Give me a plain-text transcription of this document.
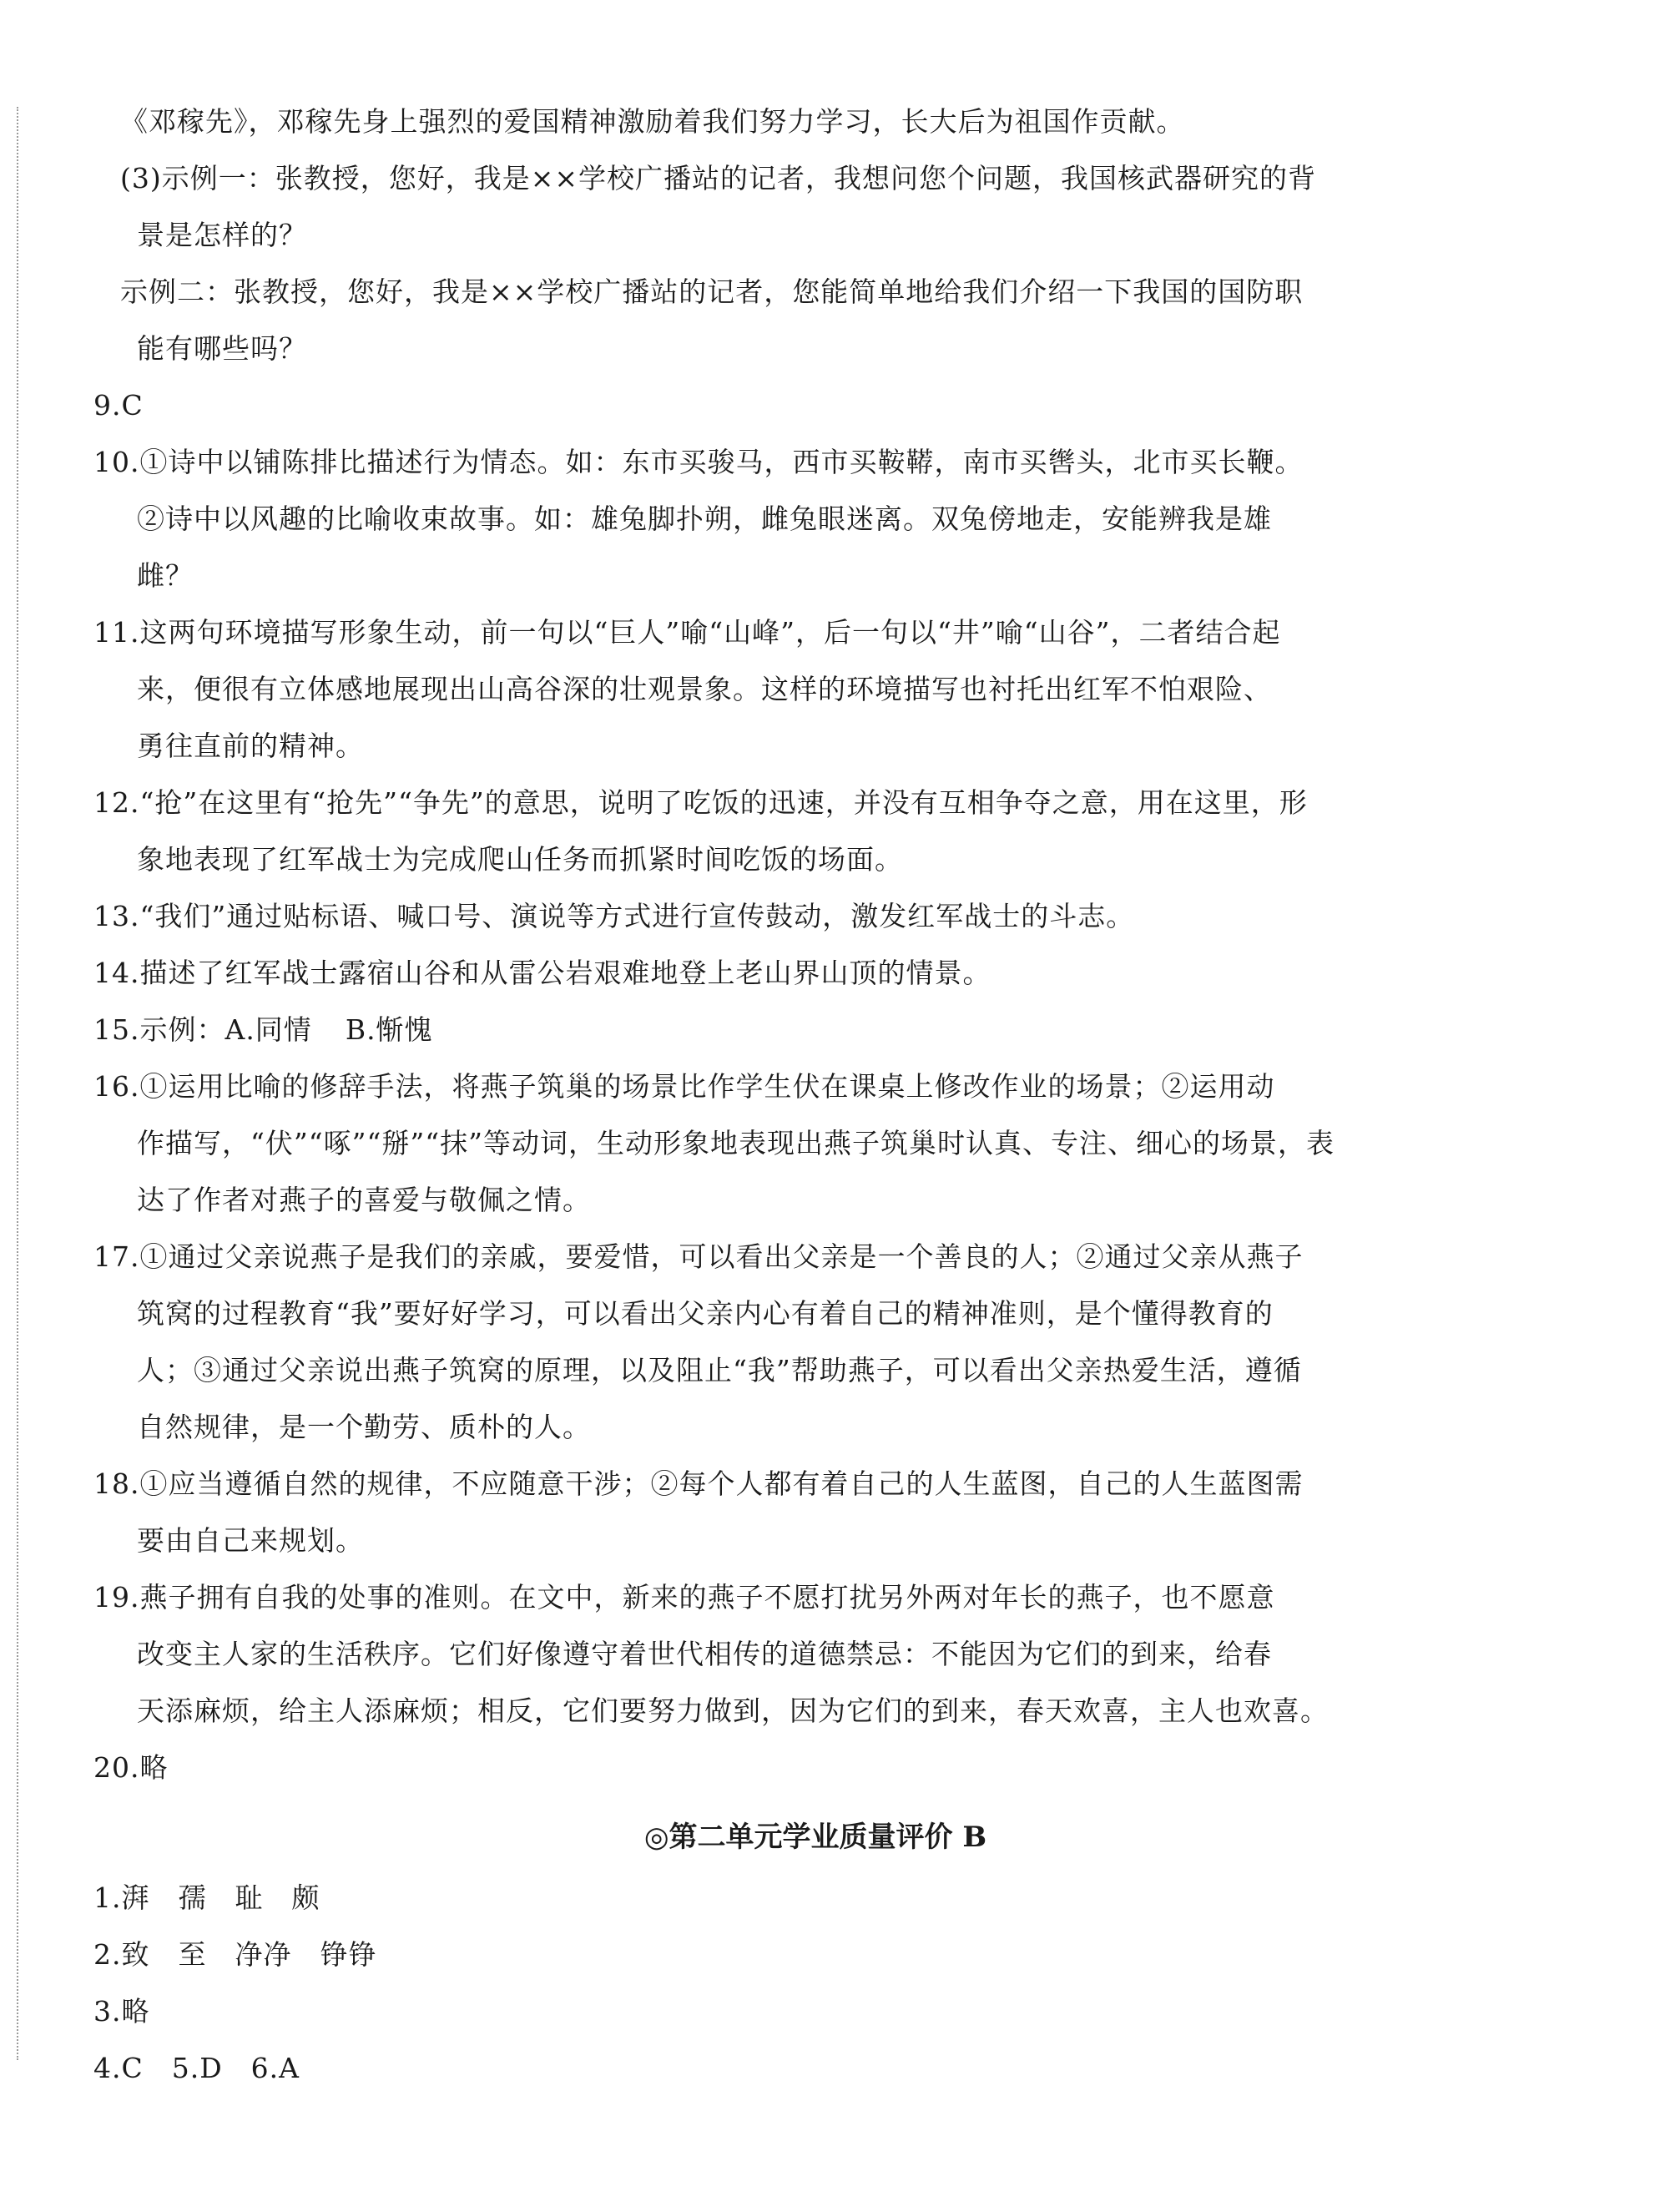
《邓稼先》，邓稼先身上强烈的爱国精神激励着我们努力学习，长大后为祖国作贡献。
(3)示例一：张教授，您好，我是××学校广播站的记者，我想问您个问题，我国核武器研究的背
景是怎样的？
示例二：张教授，您好，我是××学校广播站的记者，您能简单地给我们介绍一下我国的国防职
能有哪些吗？
9.C
10.①诗中以铺陈排比描述行为情态。如：东市买骏马，西市买鞍鞯，南市买辔头，北市买长鞭。
②诗中以风趣的比喻收束故事。如：雄兔脚扑朔，雌兔眼迷离。双兔傍地走，安能辨我是雄
雌？
11.这两句环境描写形象生动，前一句以“巨人”喻“山峰”，后一句以“井”喻“山谷”，二者结合起
来，便很有立体感地展现出山高谷深的壮观景象。这样的环境描写也衬托出红军不怕艰险、
勇往直前的精神。
12.“抢”在这里有“抢先”“争先”的意思，说明了吃饭的迅速，并没有互相争夺之意，用在这里，形
象地表现了红军战士为完成爬山任务而抓紧时间吃饭的场面。
13.“我们”通过贴标语、喊口号、演说等方式进行宣传鼓动，激发红军战士的斗志。
14.描述了红军战士露宿山谷和从雷公岩艰难地登上老山界山顶的情景。
15.示例：A.同情 B.惭愧
16.①运用比喻的修辞手法，将燕子筑巢的场景比作学生伏在课桌上修改作业的场景；②运用动
作描写，“伏”“啄”“掰”“抹”等动词，生动形象地表现出燕子筑巢时认真、专注、细心的场景，表
达了作者对燕子的喜爱与敬佩之情。
17.①通过父亲说燕子是我们的亲戚，要爱惜，可以看出父亲是一个善良的人；②通过父亲从燕子
筑窝的过程教育“我”要好好学习，可以看出父亲内心有着自己的精神准则，是个懂得教育的
人；③通过父亲说出燕子筑窝的原理，以及阻止“我”帮助燕子，可以看出父亲热爱生活，遵循
自然规律，是一个勤劳、质朴的人。
18.①应当遵循自然的规律，不应随意干涉；②每个人都有着自己的人生蓝图，自己的人生蓝图需
要由自己来规划。
19.燕子拥有自我的处事的准则。在文中，新来的燕子不愿打扰另外两对年长的燕子，也不愿意
改变主人家的生活秩序。它们好像遵守着世代相传的道德禁忌：不能因为它们的到来，给春
天添麻烦，给主人添麻烦；相反，它们要努力做到，因为它们的到来，春天欢喜，主人也欢喜。
20.略
◎第二单元学业质量评价 B
1.湃　孺　耻　颇
2.致　至　净净　铮铮
3.略
4.C　5.D　6.A
